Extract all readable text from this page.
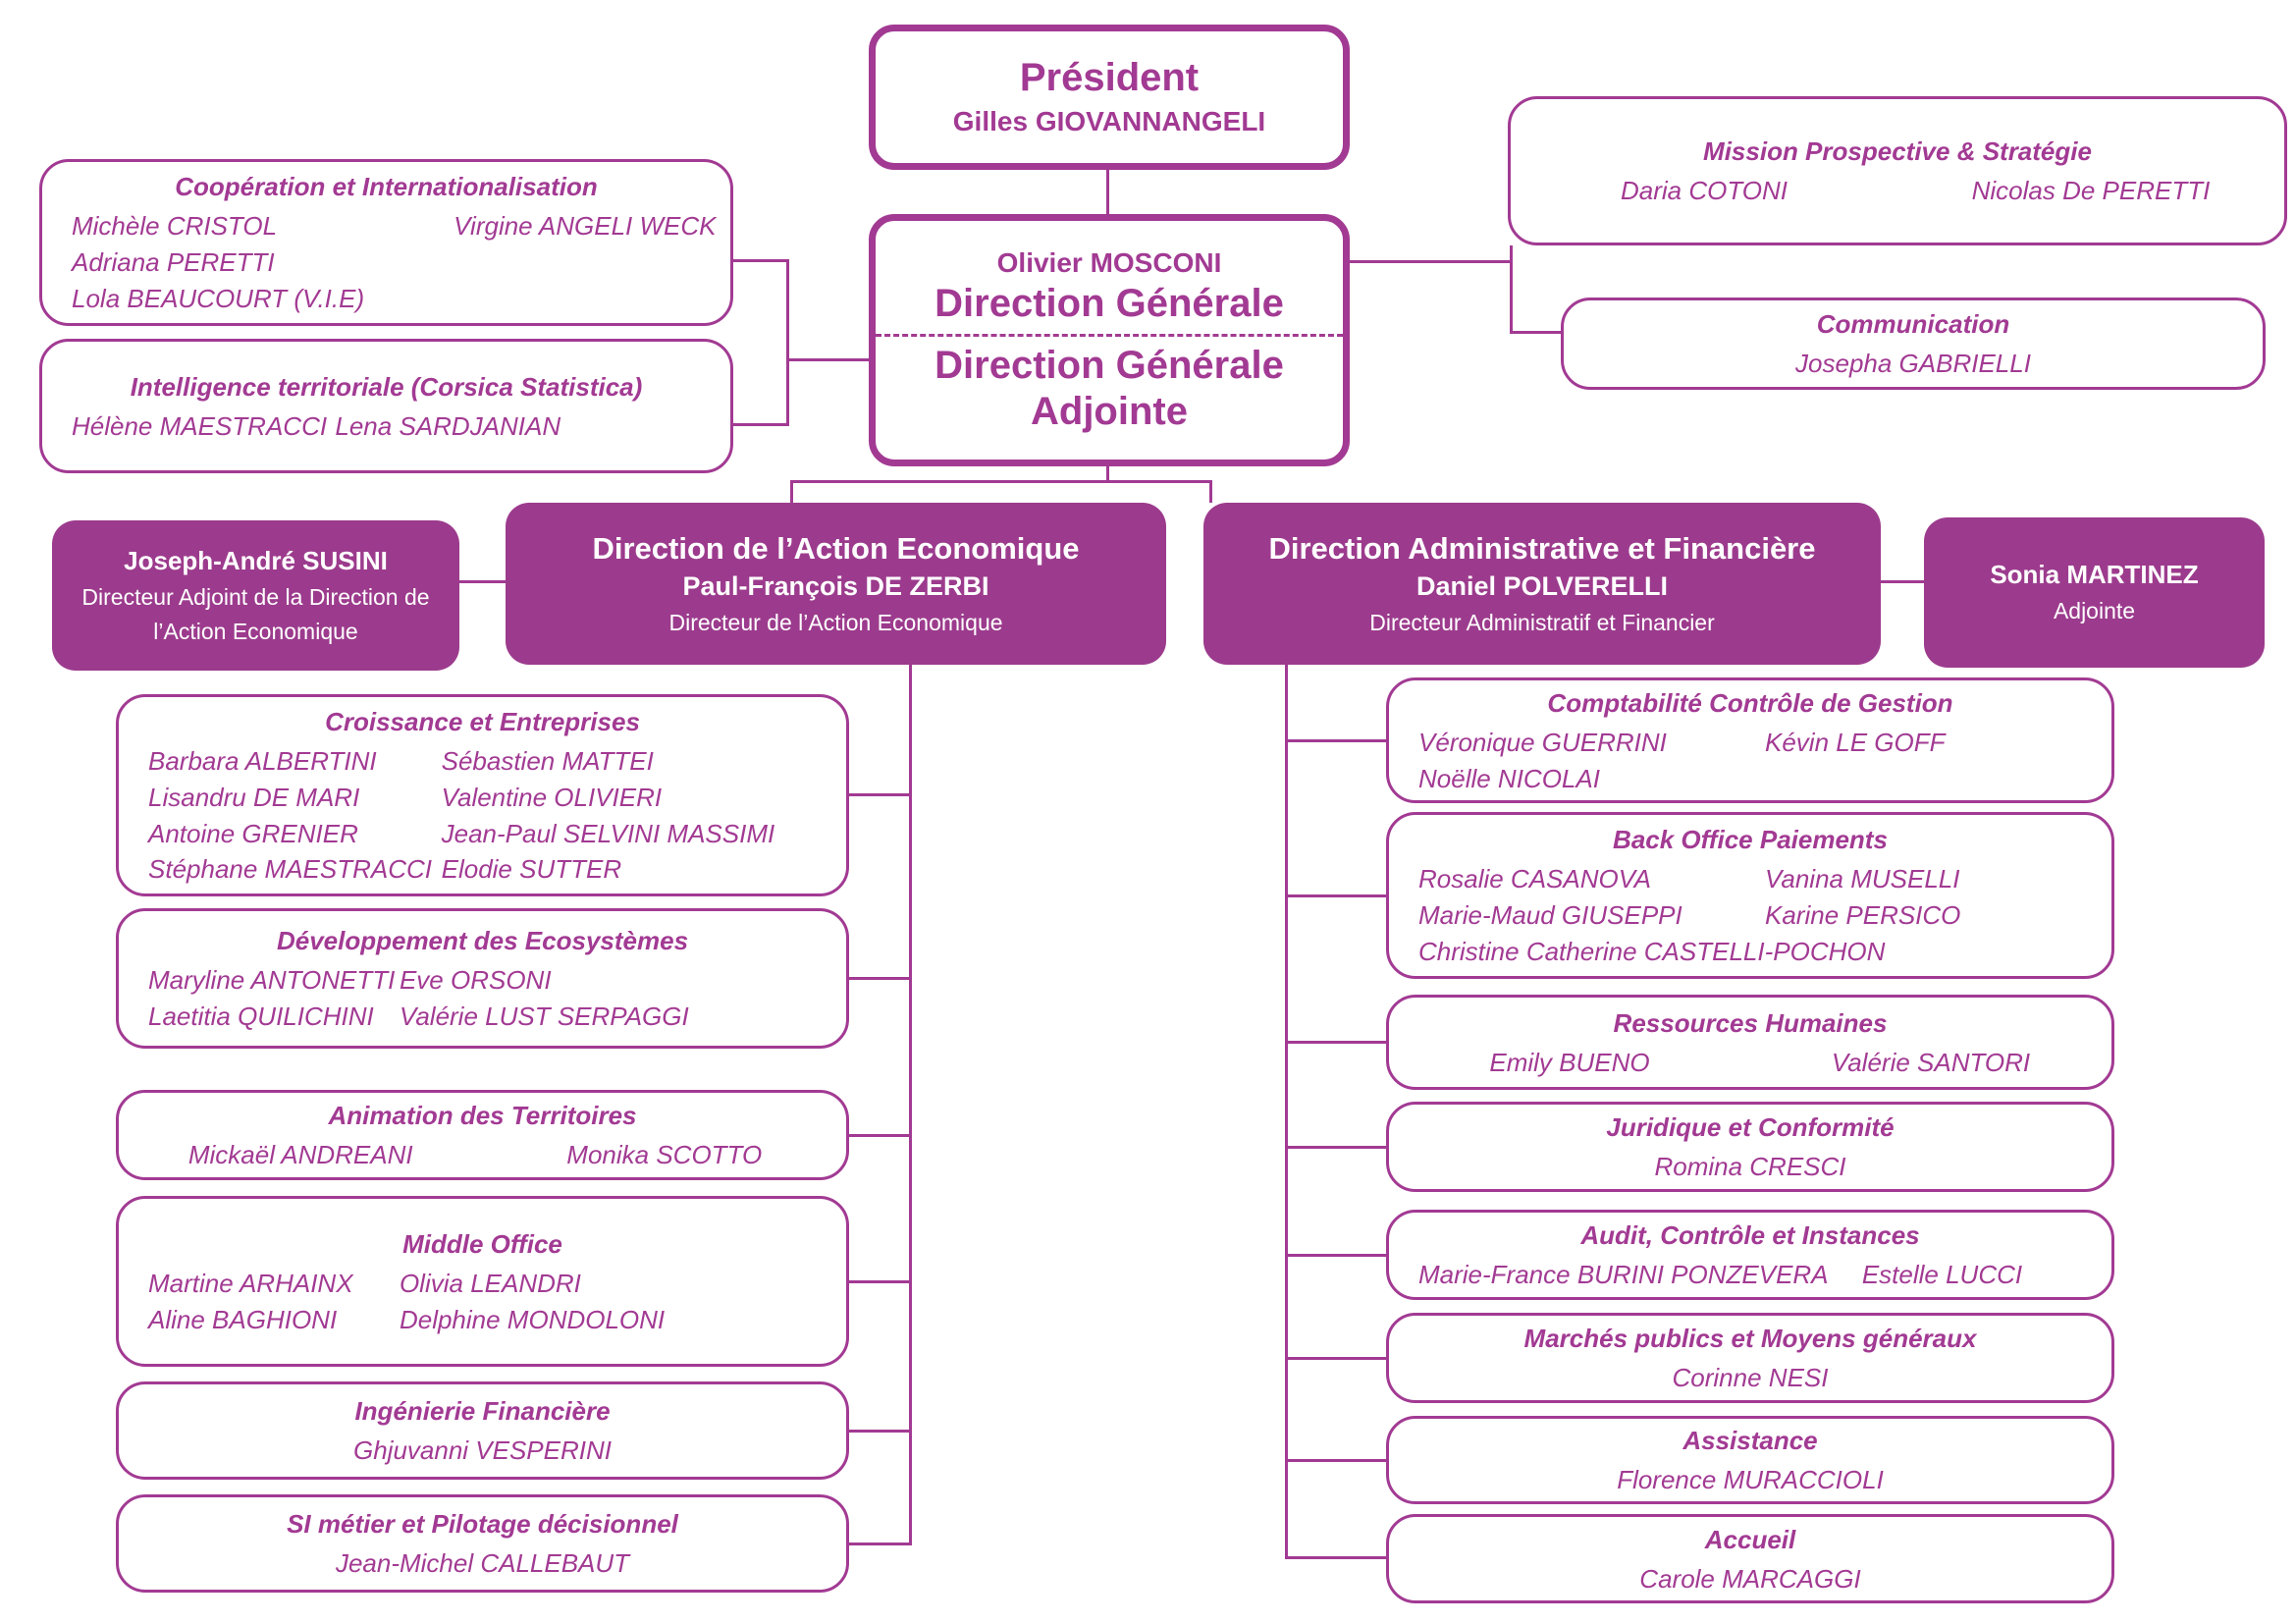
Président
Gilles GIOVANNANGELI
Olivier MOSCONI
Direction Générale
Direction Générale Adjointe
Coopération et Internationalisation
Michèle CRISTOL	Virgine ANGELI WECK
Adriana PERETTI
Lola BEAUCOURT (V.I.E)
Intelligence territoriale (Corsica Statistica)
Hélène MAESTRACCI Lena SARDJANIAN
Mission Prospective & Stratégie
Daria COTONI	Nicolas De PERETTI
Communication
Josepha GABRIELLI
Joseph-André SUSINI
Directeur Adjoint de la Direction de l’Action Economique
Direction de l’Action Economique
Paul-François DE ZERBI
Directeur de l’Action Economique
Direction Administrative et Financière
Daniel POLVERELLI
Directeur Administratif et Financier
Sonia MARTINEZ
Adjointe
Croissance et Entreprises
Barbara ALBERTINI	Sébastien MATTEI
Lisandru DE MARI	Valentine OLIVIERI
Antoine GRENIER	Jean-Paul SELVINI MASSIMI
Stéphane MAESTRACCI Elodie SUTTER
Développement des Ecosystèmes
Maryline ANTONETTI Eve ORSONI
Laetitia QUILICHINI	Valérie LUST SERPAGGI
Animation des Territoires
Mickaël ANDREANI	Monika SCOTTO
Middle Office
Martine ARHAINX	Olivia LEANDRI
Aline BAGHIONI	Delphine MONDOLONI
Ingénierie Financière
Ghjuvanni VESPERINI
SI métier et Pilotage décisionnel
Jean-Michel CALLEBAUT
Comptabilité Contrôle de Gestion
Véronique GUERRINI	Kévin LE GOFF
Noëlle NICOLAI
Back Office Paiements
Rosalie CASANOVA	Vanina MUSELLI
Marie-Maud GIUSEPPI	Karine PERSICO
Christine Catherine CASTELLI-POCHON
Ressources Humaines
Emily BUENO	Valérie SANTORI
Juridique et Conformité
Romina CRESCI
Audit, Contrôle et Instances
Marie-France BURINI PONZEVERA	Estelle LUCCI
Marchés publics et Moyens généraux
Corinne NESI
Assistance
Florence MURACCIOLI
Accueil
Carole MARCAGGI
